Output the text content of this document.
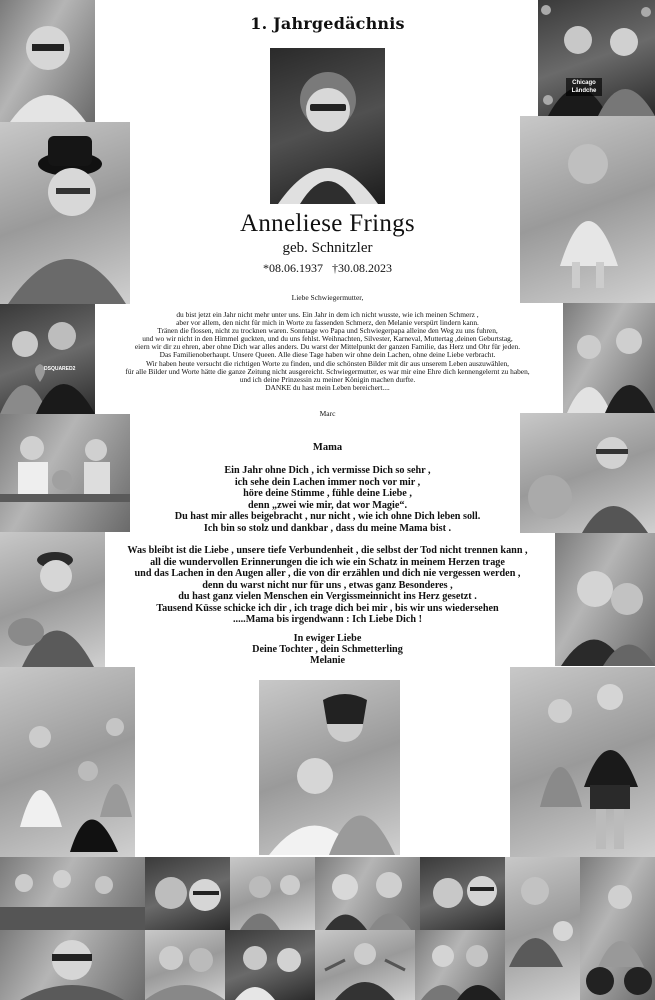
DSQUARED2
Chicago Ländche
1. Jahrgedächnis
Anneliese Frings
geb. Schnitzler
*08.06.1937   †30.08.2023
Liebe Schwiegermutter,
du bist jetzt ein Jahr nicht mehr unter uns. Ein Jahr in dem ich nicht wusste, wie ich meinen Schmerz ,
aber vor allem, den nicht für mich in Worte zu fassenden Schmerz, den Melanie verspürt lindern kann.
Tränen die flossen, nicht zu trocknen waren. Sonntage wo Papa und Schwiegerpapa alleine den Weg zu uns fuhren,
und wo wir nicht in den Himmel guckten, und du uns fehlst. Weihnachten, Silvester, Karneval, Muttertag ,deinen Geburtstag,
eiern wir dir zu ehren, aber ohne Dich war alles anders. Du warst der Mittelpunkt der ganzen Familie, das Herz und Ohr für jeden.
Das Familienoberhaupt. Unsere Queen. Alle diese Tage haben wir ohne dein Lachen, ohne deine Liebe verbracht.
Wir haben heute versucht die richtigen Worte zu finden, und die schönsten Bilder mit dir aus unserem Leben auszuwählen,
für alle Bilder und Worte hätte die ganze Zeitung nicht ausgereicht. Schwiegermutter, es war mir eine Ehre dich kennengelernt zu haben,
und ich deine Prinzessin zu meiner Königin machen durfte.
DANKE du hast mein Leben bereichert....
Marc
Mama
Ein Jahr ohne Dich , ich vermisse Dich so sehr ,
ich sehe dein Lachen immer noch vor mir ,
höre deine Stimme , fühle deine Liebe ,
denn „zwei wie mir, dat wor Magie“.
Du hast mir alles beigebracht , nur nicht , wie ich ohne Dich leben soll.
Ich bin so stolz und dankbar , dass du meine Mama bist .
Was bleibt ist die Liebe , unsere tiefe Verbundenheit , die selbst der Tod nicht trennen kann ,
all die wundervollen Erinnerungen die ich wie ein Schatz in meinem Herzen trage
und das Lachen in den Augen aller , die von dir erzählen und dich nie vergessen werden ,
denn du warst nicht nur für uns , etwas ganz Besonderes ,
du hast ganz vielen Menschen ein Vergissmeinnicht ins Herz gesetzt .
Tausend Küsse schicke ich dir , ich trage dich bei mir , bis wir uns wiedersehen
.....Mama bis irgendwann : Ich Liebe Dich !
In ewiger Liebe
Deine Tochter , dein Schmetterling
Melanie
